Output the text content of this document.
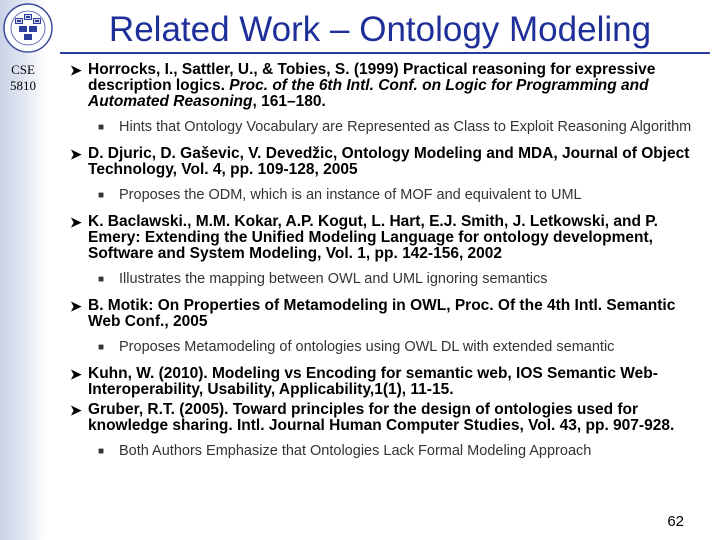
CSE 5810
Related Work – Ontology Modeling
➤ Horrocks, I., Sattler, U., & Tobies, S. (1999) Practical reasoning for expressive description logics. Proc. of the 6th Intl. Conf. on Logic for Programming and Automated Reasoning, 161–180.
■ Hints that Ontology Vocabulary are Represented as Class to Exploit Reasoning Algorithm
➤ D. Djuric, D. Gaševic, V. Devedžic, Ontology Modeling and MDA, Journal of Object Technology, Vol. 4, pp. 109-128, 2005
■ Proposes the ODM, which is an instance of MOF and equivalent to UML
➤ K. Baclawski., M.M. Kokar, A.P. Kogut, L. Hart, E.J. Smith, J. Letkowski, and P. Emery: Extending the Unified Modeling Language for ontology development, Software and System Modeling, Vol. 1, pp. 142-156, 2002
■ Illustrates the mapping between OWL and UML ignoring semantics
➤ B. Motik: On Properties of Metamodeling in OWL, Proc. Of the 4th Intl. Semantic Web Conf., 2005
■ Proposes Metamodeling of ontologies using OWL DL with extended semantic
➤ Kuhn, W. (2010). Modeling vs Encoding for semantic web, IOS Semantic Web-Interoperability, Usability, Applicability,1(1), 11-15.
➤ Gruber, R.T. (2005). Toward principles for the design of ontologies used for knowledge sharing. Intl. Journal Human Computer Studies, Vol. 43, pp. 907-928.
■ Both Authors Emphasize that Ontologies Lack Formal Modeling Approach
62
